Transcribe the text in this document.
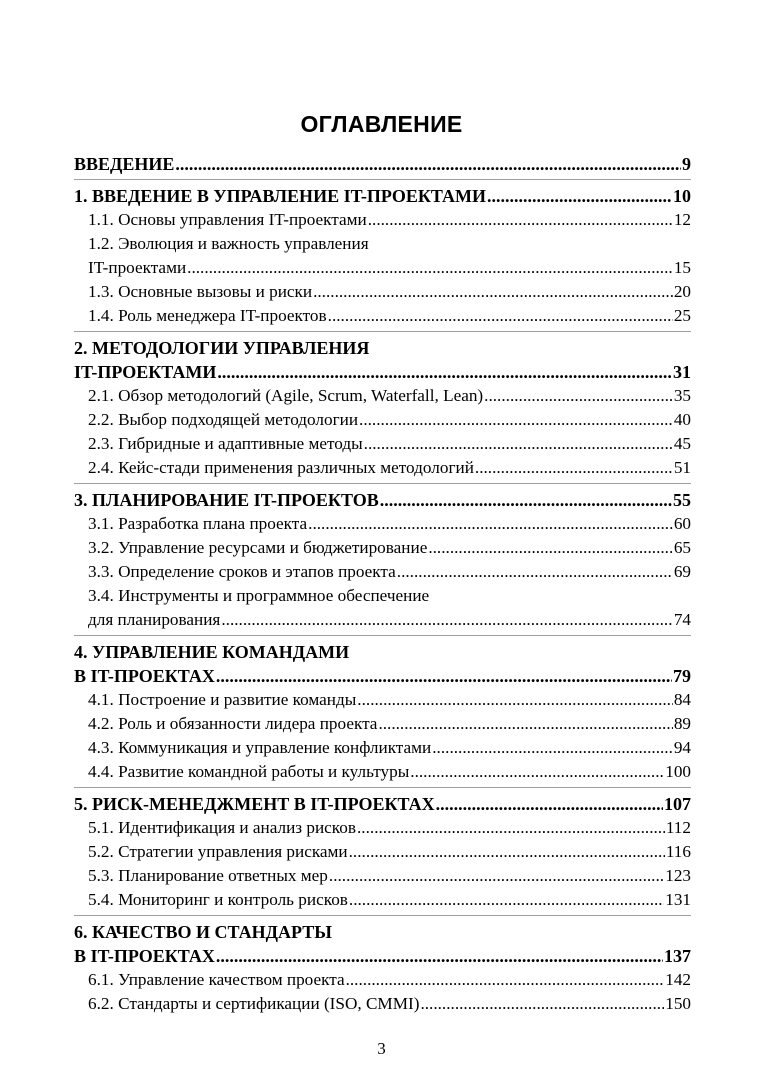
ОГЛАВЛЕНИЕ
ВВЕДЕНИЕ .....	9
1. ВВЕДЕНИЕ В УПРАВЛЕНИЕ IT-ПРОЕКТАМИ .....	10
1.1. Основы управления IT-проектами .....	12
1.2. Эволюция и важность управления
IT-проектами .....	15
1.3. Основные вызовы и риски .....	20
1.4. Роль менеджера IT-проектов .....	25
2. МЕТОДОЛОГИИ УПРАВЛЕНИЯ
IT-ПРОЕКТАМИ .....	31
2.1. Обзор методологий (Agile, Scrum, Waterfall, Lean) .....	35
2.2. Выбор подходящей методологии .....	40
2.3. Гибридные и адаптивные методы .....	45
2.4. Кейс-стади применения различных методологий .....	51
3. ПЛАНИРОВАНИЕ IT-ПРОЕКТОВ .....	55
3.1. Разработка плана проекта .....	60
3.2. Управление ресурсами и бюджетирование .....	65
3.3. Определение сроков и этапов проекта .....	69
3.4. Инструменты и программное обеспечение
для планирования .....	74
4. УПРАВЛЕНИЕ КОМАНДАМИ
В IT-ПРОЕКТАХ .....	79
4.1. Построение и развитие команды .....	84
4.2. Роль и обязанности лидера проекта .....	89
4.3. Коммуникация и управление конфликтами .....	94
4.4. Развитие командной работы и культуры .....	100
5. РИСК-МЕНЕДЖМЕНТ В IT-ПРОЕКТАХ .....	107
5.1. Идентификация и анализ рисков .....	112
5.2. Стратегии управления рисками .....	116
5.3. Планирование ответных мер .....	123
5.4. Мониторинг и контроль рисков .....	131
6. КАЧЕСТВО И СТАНДАРТЫ
В IT-ПРОЕКТАХ .....	137
6.1. Управление качеством проекта .....	142
6.2. Стандарты и сертификации (ISO, CMMI) .....	150
3
